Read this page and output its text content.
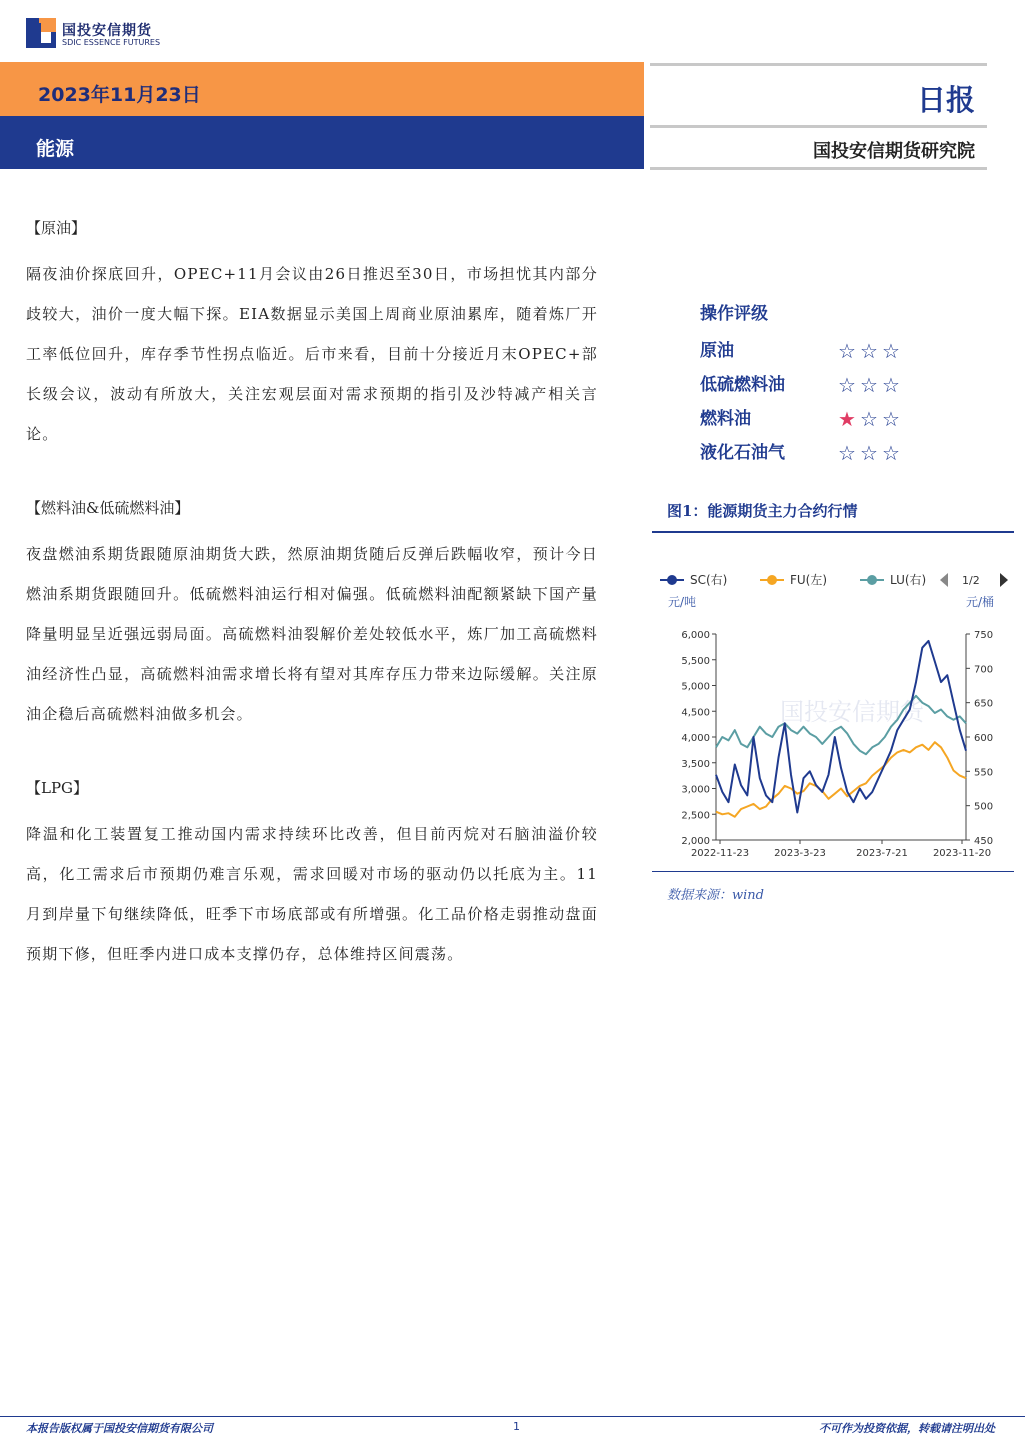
国投安信期货
SDIC ESSENCE FUTURES
2023年11月23日
能源
日报
国投安信期货研究院
【原油】

隔夜油价探底回升，OPEC+11月会议由26日推迟至30日，市场担忧其内部分歧较大，油价一度大幅下探。EIA数据显示美国上周商业原油累库，随着炼厂开工率低位回升，库存季节性拐点临近。后市来看，目前十分接近月末OPEC+部长级会议，波动有所放大，关注宏观层面对需求预期的指引及沙特减产相关言论。

【燃料油&低硫燃料油】

夜盘燃油系期货跟随原油期货大跌，然原油期货随后反弹后跌幅收窄，预计今日燃油系期货跟随回升。低硫燃料油运行相对偏强。低硫燃料油配额紧缺下国产量降量明显呈近强远弱局面。高硫燃料油裂解价差处较低水平，炼厂加工高硫燃料油经济性凸显，高硫燃料油需求增长将有望对其库存压力带来边际缓解。关注原油企稳后高硫燃料油做多机会。

【LPG】

降温和化工装置复工推动国内需求持续环比改善，但目前丙烷对石脑油溢价较高，化工需求后市预期仍难言乐观，需求回暖对市场的驱动仍以托底为主。11月到岸量下旬继续降低，旺季下市场底部或有所增强。化工品价格走弱推动盘面预期下修，但旺季内进口成本支撑仍存，总体维持区间震荡。

操作评级
原油	☆ ☆ ☆
低硫燃料油	☆ ☆ ☆
燃料油	★ ☆ ☆
液化石油气	☆ ☆ ☆
图1：能源期货主力合约行情
SC(右)	FU(左)	LU(右)	1/2
元/吨	元/桶
6,000
5,500
5,000
4,500
4,000
3,500
3,000
2,500
2,000
750
700
650
600
550
500
450
2022-11-23	2023-3-23	2023-7-21	2023-11-20
国投安信期货
数据来源：wind
本报告版权属于国投安信期货有限公司	1	不可作为投资依据，转载请注明出处
